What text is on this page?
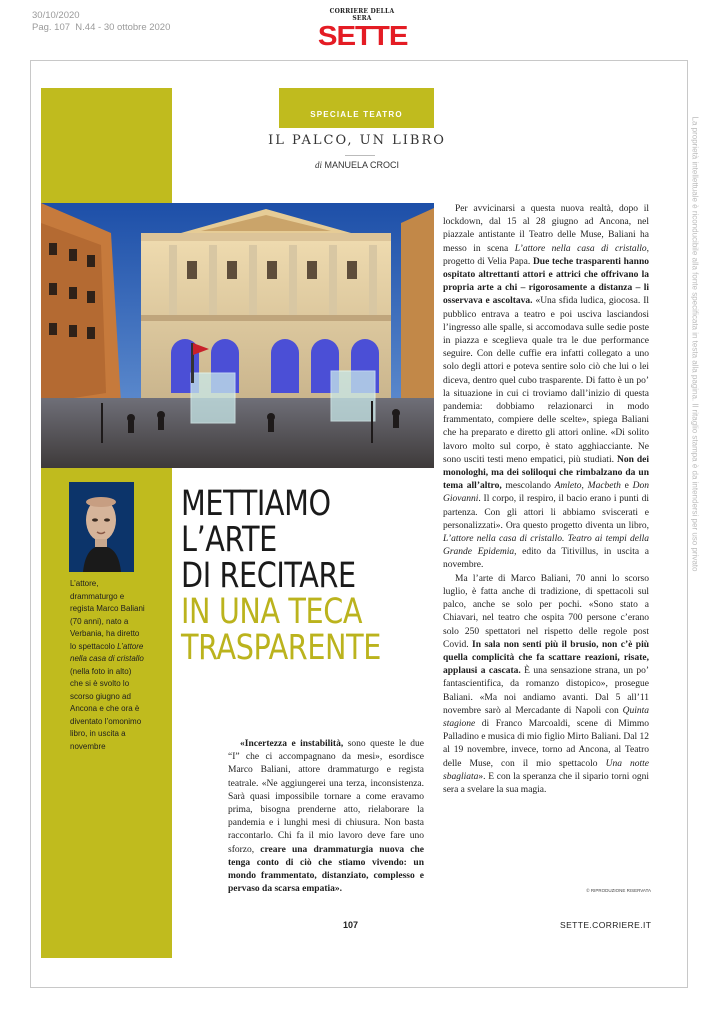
30/10/2020
Pag. 107  N.44 - 30 ottobre 2020
CORRIERE DELLA SERA
SETTE
La proprietà intellettuale è riconducibile alla fonte specificata in testa alla pagina. Il ritaglio stampa è da intendersi per uso privato
SPECIALE TEATRO
IL PALCO, UN LIBRO
di MANUELA CROCI
L’attore, drammaturgo e regista Marco Baliani (70 anni), nato a Verbania, ha diretto lo spettacolo L’attore nella casa di cristallo (nella foto in alto) che si è svolto lo scorso giugno ad Ancona e che ora è diventato l’omonimo libro, in uscita a novembre
METTIAMO
L’ARTE
DI RECITARE
IN UNA TECA
TRASPARENTE

«Incertezza e instabilità, sono queste le due “I” che ci accompagnano da mesi», esordisce Marco Baliani, attore drammaturgo e regista teatrale. «Ne aggiungerei una terza, inconsistenza. Sarà quasi impossibile tornare a come eravamo prima, bisogna prenderne atto, rielaborare la pandemia e i lunghi mesi di chiusura. Non basta raccontarlo. Chi fa il mio lavoro deve fare uno sforzo, creare una drammaturgia nuova che tenga conto di ciò che stiamo vivendo: un mondo frammentato, distanziato, complesso e pervaso da scarsa empatia».

Per avvicinarsi a questa nuova realtà, dopo il lockdown, dal 15 al 28 giugno ad Ancona, nel piazzale antistante il Teatro delle Muse, Baliani ha messo in scena L’attore nella casa di cristallo, progetto di Velia Papa. Due teche trasparenti hanno ospitato altrettanti attori e attrici che offrivano la propria arte a chi – rigorosamente a distanza – li osservava e ascoltava. «Una sfida ludica, giocosa. Il pubblico entrava a teatro e poi usciva lasciandosi l’ingresso alle spalle, si accomodava sulle sedie poste in piazza e sceglieva quale tra le due performance seguire. Con delle cuffie era infatti collegato a uno solo degli attori e poteva sentire solo ciò che lui o lei diceva, dentro quel cubo trasparente. Di fatto è un po’ la situazione in cui ci troviamo dall’inizio di questa pandemia: dobbiamo relazionarci in modo frammentato, compiere delle scelte», spiega Baliani che ha preparato e diretto gli attori online. «Di solito lavoro molto sul corpo, è stato agghiacciante. Ne sono usciti testi meno empatici, più studiati. Non dei monologhi, ma dei soliloqui che rimbalzano da un tema all’altro, mescolando Amleto, Macbeth e Don Giovanni. Il corpo, il respiro, il bacio erano i punti di partenza. Con gli attori li abbiamo sviscerati e personalizzati». Ora questo progetto diventa un libro, L’attore nella casa di cristallo. Teatro ai tempi della Grande Epidemia, edito da Titivillus, in uscita a novembre.

Ma l’arte di Marco Baliani, 70 anni lo scorso luglio, è fatta anche di tradizione, di spettacoli sul palco, anche se solo per pochi. «Sono stato a Chiavari, nel teatro che ospita 700 persone c’erano solo 250 spettatori nel rispetto delle regole post Covid. In sala non senti più il brusio, non c’è più quella complicità che fa scattare reazioni, risate, applausi a cascata. È una sensazione strana, un po’ fantascientifica, da romanzo distopico», prosegue Baliani. «Ma noi andiamo avanti. Dal 5 all’11 novembre sarò al Mercadante di Napoli con Quinta stagione di Franco Marcoaldi, scene di Mimmo Palladino e musica di mio figlio Mirto Baliani. Dal 12 al 19 novembre, invece, torno ad Ancona, al Teatro delle Muse, con il mio spettacolo Una notte sbagliata». E con la speranza che il sipario torni ogni sera a svelare la sua magia.

© RIPRODUZIONE RISERVATA
107	SETTE.CORRIERE.IT
